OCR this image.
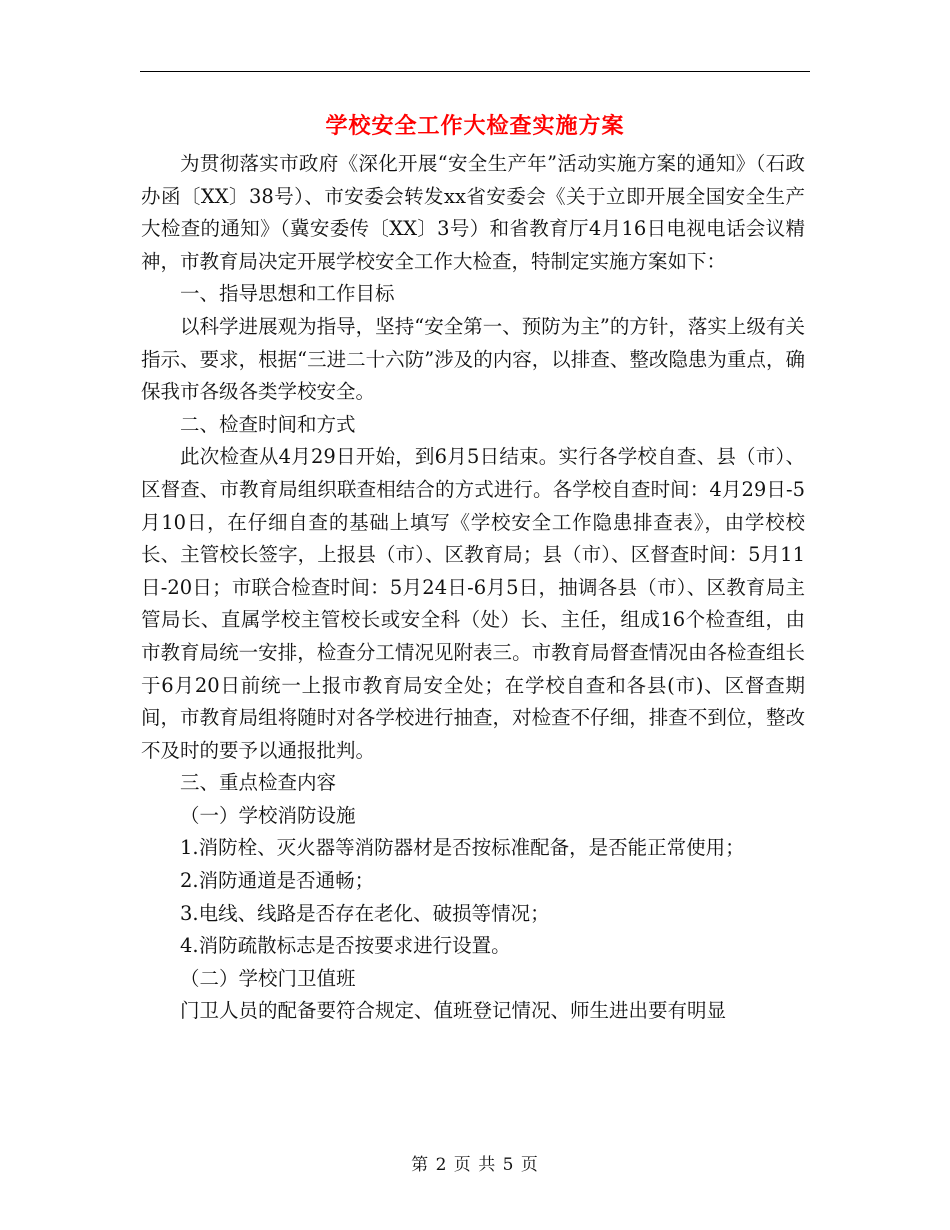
学校安全工作大检查实施方案

为贯彻落实市政府《深化开展“安全生产年”活动实施方案的通知》（石政办函〔XX〕38号）、市安委会转发xx省安委会《关于立即开展全国安全生产大检查的通知》（冀安委传〔XX〕3号）和省教育厅4月16日电视电话会议精神，市教育局决定开展学校安全工作大检查，特制定实施方案如下：

一、指导思想和工作目标

以科学进展观为指导，坚持“安全第一、预防为主”的方针，落实上级有关指示、要求，根据“三进二十六防”涉及的内容，以排查、整改隐患为重点，确保我市各级各类学校安全。

二、检查时间和方式

此次检查从4月29日开始，到6月5日结束。实行各学校自查、县（市）、区督查、市教育局组织联查相结合的方式进行。各学校自查时间：4月29日-5月10日，在仔细自查的基础上填写《学校安全工作隐患排查表》，由学校校长、主管校长签字，上报县（市）、区教育局；县（市）、区督查时间：5月11日-20日；市联合检查时间：5月24日-6月5日，抽调各县（市）、区教育局主管局长、直属学校主管校长或安全科（处）长、主任，组成16个检查组，由市教育局统一安排，检查分工情况见附表三。市教育局督查情况由各检查组长于6月20日前统一上报市教育局安全处；在学校自查和各县(市)、区督查期间，市教育局组将随时对各学校进行抽查，对检查不仔细，排查不到位，整改不及时的要予以通报批判。

三、重点检查内容

（一）学校消防设施

1.消防栓、灭火器等消防器材是否按标准配备，是否能正常使用；

2.消防通道是否通畅；

3.电线、线路是否存在老化、破损等情况；

4.消防疏散标志是否按要求进行设置。

（二）学校门卫值班

门卫人员的配备要符合规定、值班登记情况、师生进出要有明显

第 2 页 共 5 页
